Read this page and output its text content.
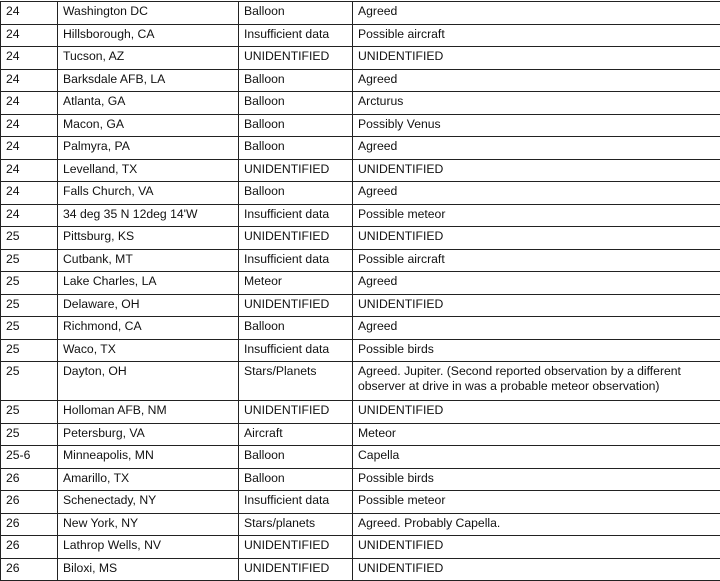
24	Washington DC	Balloon	Agreed
24	Hillsborough, CA	Insufficient data	Possible aircraft
24	Tucson, AZ	UNIDENTIFIED	UNIDENTIFIED
24	Barksdale AFB, LA	Balloon	Agreed
24	Atlanta, GA	Balloon	Arcturus
24	Macon, GA	Balloon	Possibly Venus
24	Palmyra, PA	Balloon	Agreed
24	Levelland, TX	UNIDENTIFIED	UNIDENTIFIED
24	Falls Church, VA	Balloon	Agreed
24	34 deg 35 N 12deg 14'W	Insufficient data	Possible meteor
25	Pittsburg, KS	UNIDENTIFIED	UNIDENTIFIED
25	Cutbank, MT	Insufficient data	Possible aircraft
25	Lake Charles, LA	Meteor	Agreed
25	Delaware, OH	UNIDENTIFIED	UNIDENTIFIED
25	Richmond, CA	Balloon	Agreed
25	Waco, TX	Insufficient data	Possible birds
25	Dayton, OH	Stars/Planets	Agreed. Jupiter. (Second reported observation by a different observer at drive in was a probable meteor observation)
25	Holloman AFB, NM	UNIDENTIFIED	UNIDENTIFIED
25	Petersburg, VA	Aircraft	Meteor
25-6	Minneapolis, MN	Balloon	Capella
26	Amarillo, TX	Balloon	Possible birds
26	Schenectady, NY	Insufficient data	Possible meteor
26	New York, NY	Stars/planets	Agreed. Probably Capella.
26	Lathrop Wells, NV	UNIDENTIFIED	UNIDENTIFIED
26	Biloxi, MS	UNIDENTIFIED	UNIDENTIFIED
